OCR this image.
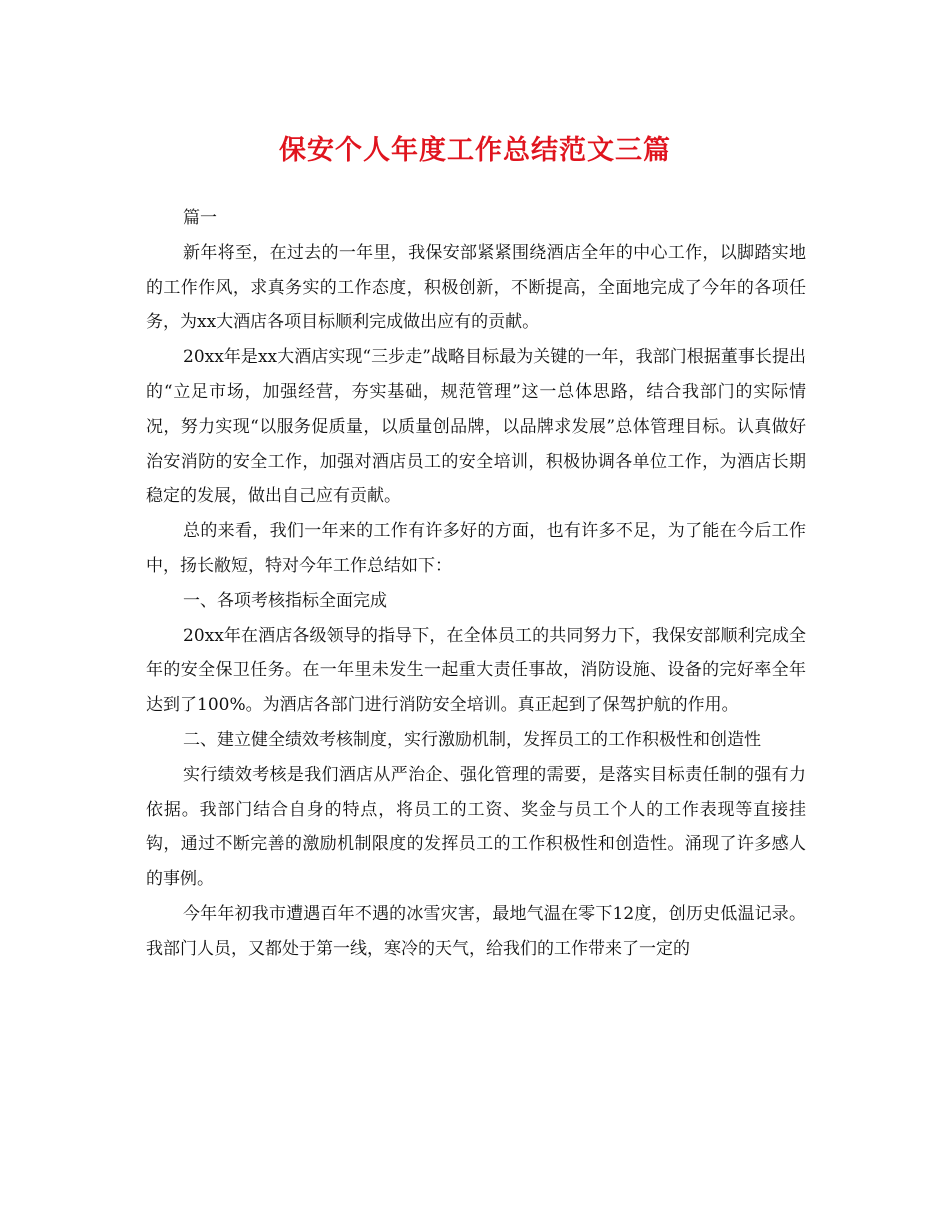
保安个人年度工作总结范文三篇

篇一

新年将至，在过去的一年里，我保安部紧紧围绕酒店全年的中心工作，以脚踏实地的工作作风，求真务实的工作态度，积极创新，不断提高，全面地完成了今年的各项任务，为xx大酒店各项目标顺利完成做出应有的贡献。

20xx年是xx大酒店实现“三步走”战略目标最为关键的一年，我部门根据董事长提出的“立足市场，加强经营，夯实基础，规范管理”这一总体思路，结合我部门的实际情况，努力实现“以服务促质量，以质量创品牌，以品牌求发展”总体管理目标。认真做好治安消防的安全工作，加强对酒店员工的安全培训，积极协调各单位工作，为酒店长期稳定的发展，做出自己应有贡献。

总的来看，我们一年来的工作有许多好的方面，也有许多不足，为了能在今后工作中，扬长敝短，特对今年工作总结如下：

一、各项考核指标全面完成

20xx年在酒店各级领导的指导下，在全体员工的共同努力下，我保安部顺利完成全年的安全保卫任务。在一年里未发生一起重大责任事故，消防设施、设备的完好率全年达到了100%。为酒店各部门进行消防安全培训。真正起到了保驾护航的作用。

二、建立健全绩效考核制度，实行激励机制，发挥员工的工作积极性和创造性

实行绩效考核是我们酒店从严治企、强化管理的需要，是落实目标责任制的强有力依据。我部门结合自身的特点，将员工的工资、奖金与员工个人的工作表现等直接挂钩，通过不断完善的激励机制限度的发挥员工的工作积极性和创造性。涌现了许多感人的事例。

今年年初我市遭遇百年不遇的冰雪灾害，最地气温在零下12度，创历史低温记录。我部门人员，又都处于第一线，寒冷的天气，给我们的工作带来了一定的
